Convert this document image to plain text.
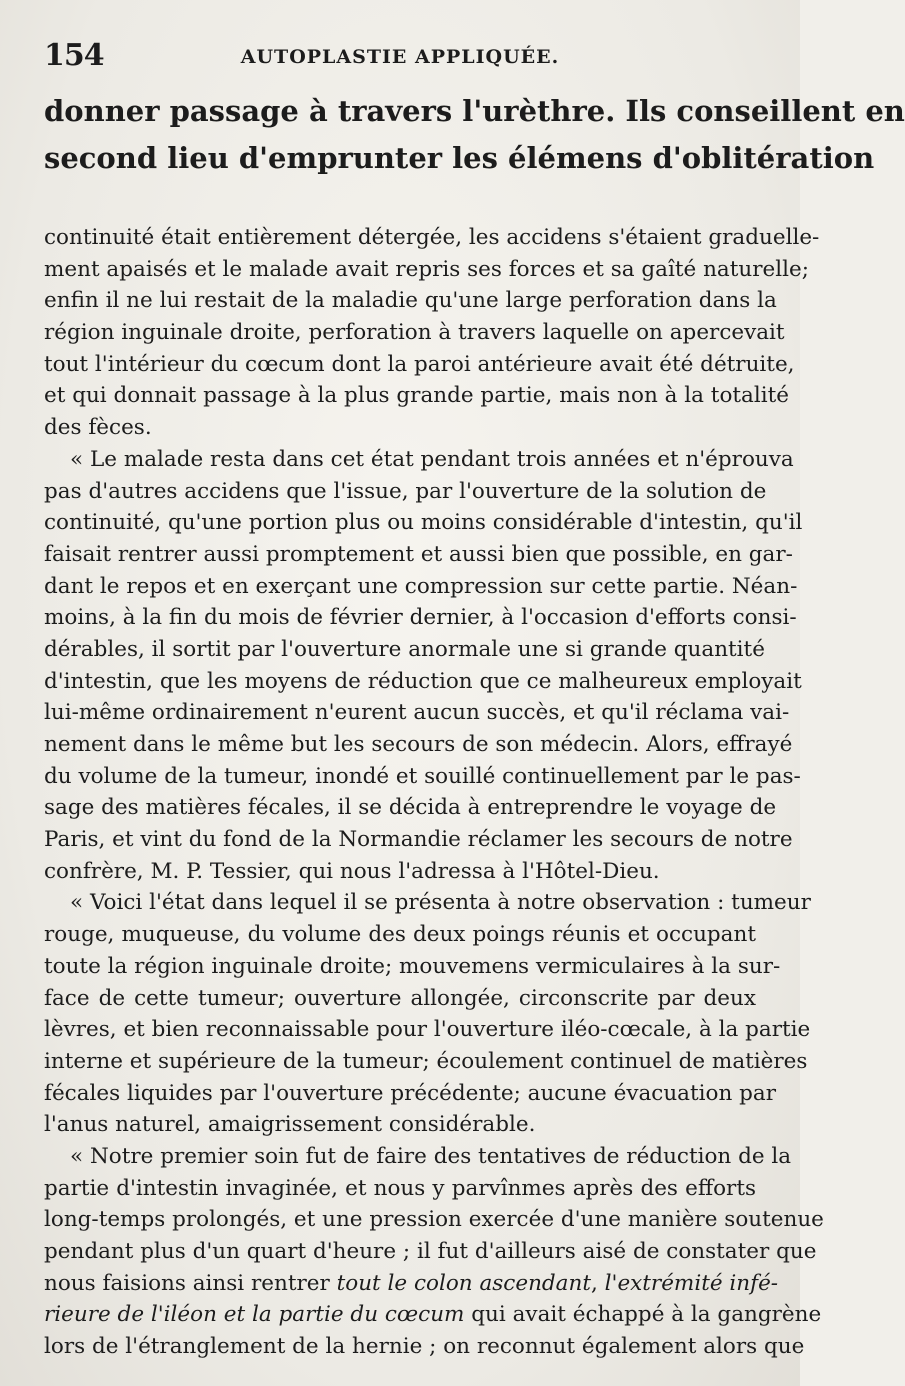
154	AUTOPLASTIE APPLIQUÉE.
donner passage à travers l'urèthre. Ils conseillent en
second lieu d'emprunter les élémens d'oblitération
continuité était entièrement détergée, les accidens s'étaient graduelle-
ment apaisés et le malade avait repris ses forces et sa gaîté naturelle;
enfin il ne lui restait de la maladie qu'une large perforation dans la
région inguinale droite, perforation à travers laquelle on apercevait
tout l'intérieur du cœcum dont la paroi antérieure avait été détruite,
et qui donnait passage à la plus grande partie, mais non à la totalité
des fèces.
« Le malade resta dans cet état pendant trois années et n'éprouva
pas d'autres accidens que l'issue, par l'ouverture de la solution de
continuité, qu'une portion plus ou moins considérable d'intestin, qu'il
faisait rentrer aussi promptement et aussi bien que possible, en gar-
dant le repos et en exerçant une compression sur cette partie. Néan-
moins, à la fin du mois de février dernier, à l'occasion d'efforts consi-
dérables, il sortit par l'ouverture anormale une si grande quantité
d'intestin, que les moyens de réduction que ce malheureux employait
lui-même ordinairement n'eurent aucun succès, et qu'il réclama vai-
nement dans le même but les secours de son médecin. Alors, effrayé
du volume de la tumeur, inondé et souillé continuellement par le pas-
sage des matières fécales, il se décida à entreprendre le voyage de
Paris, et vint du fond de la Normandie réclamer les secours de notre
confrère, M. P. Tessier, qui nous l'adressa à l'Hôtel-Dieu.
« Voici l'état dans lequel il se présenta à notre observation : tumeur
rouge, muqueuse, du volume des deux poings réunis et occupant
toute la région inguinale droite; mouvemens vermiculaires à la sur-
face de cette tumeur; ouverture allongée, circonscrite par deux
lèvres, et bien reconnaissable pour l'ouverture iléo-cœcale, à la partie
interne et supérieure de la tumeur; écoulement continuel de matières
fécales liquides par l'ouverture précédente; aucune évacuation par
l'anus naturel, amaigrissement considérable.
« Notre premier soin fut de faire des tentatives de réduction de la
partie d'intestin invaginée, et nous y parvînmes après des efforts
long-temps prolongés, et une pression exercée d'une manière soutenue
pendant plus d'un quart d'heure ; il fut d'ailleurs aisé de constater que
nous faisions ainsi rentrer tout le colon ascendant, l'extrémité infé-
rieure de l'iléon et la partie du cœcum qui avait échappé à la gangrène
lors de l'étranglement de la hernie ; on reconnut également alors que
